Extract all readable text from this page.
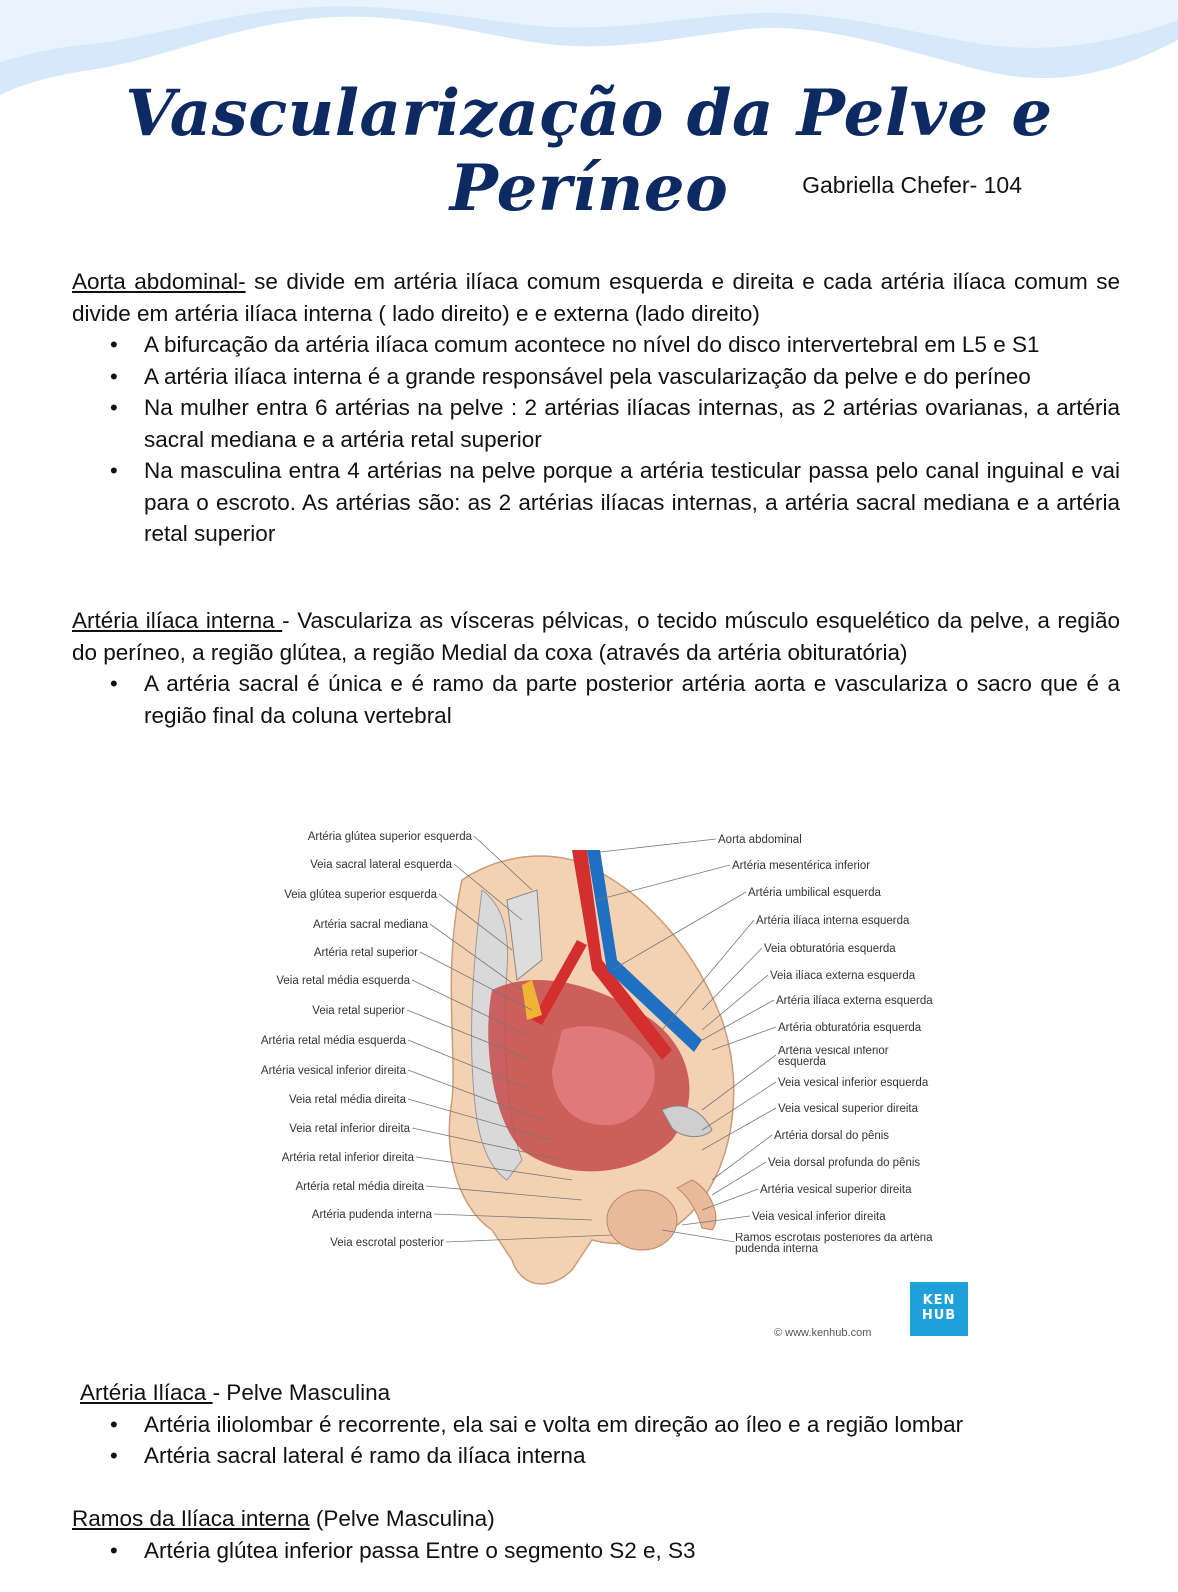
Vascularização da Pelve e Períneo	Gabriella Chefer- 104
Aorta abdominal- se divide em artéria ilíaca comum esquerda e direita e cada artéria ilíaca comum se divide em artéria ilíaca interna ( lado direito) e e externa (lado direito)
• A bifurcação da artéria ilíaca comum acontece no nível do disco intervertebral em L5 e S1
• A artéria ilíaca interna é a grande responsável pela vascularização da pelve e do períneo
• Na mulher entra 6 artérias na pelve : 2 artérias ilíacas internas, as 2 artérias ovarianas, a artéria sacral mediana e a artéria retal superior
• Na masculina entra 4 artérias na pelve porque a artéria testicular passa pelo canal inguinal e vai para o escroto. As artérias são: as 2 artérias ilíacas internas, a artéria sacral mediana e a artéria retal superior
Artéria ilíaca interna - Vasculariza as vísceras pélvicas, o tecido músculo esquelético da pelve, a região do períneo, a região glútea, a região Medial da coxa (através da artéria obituratória)
• A artéria sacral é única e é ramo da parte posterior artéria aorta e vasculariza o sacro que é a região final da coluna vertebral
Artéria glútea superior esquerda
Veia sacral lateral esquerda
Veia glútea superior esquerda
Artéria sacral mediana
Artéria retal superior
Veia retal média esquerda
Veia retal superior
Artéria retal média esquerda
Artéria vesical inferior direita
Veia retal média direita
Veia retal inferior direita
Artéria retal inferior direita
Artéria retal média direita
Artéria pudenda interna
Veia escrotal posterior
Aorta abdominal
Artéria mesentérica inferior
Artéria umbilical esquerda
Artéria ilíaca interna esquerda
Veia obturatória esquerda
Veia ilíaca externa esquerda
Artéria ilíaca externa esquerda
Artéria obturatória esquerda
Artéria vesical inferior esquerda
Veia vesical inferior esquerda
Veia vesical superior direita
Artéria dorsal do pênis
Veia dorsal profunda do pênis
Artéria vesical superior direita
Veia vesical inferior direita
Ramos escrotais posteriores da artéria pudenda interna
KEN HUB
© www.kenhub.com
Artéria Ilíaca - Pelve Masculina
• Artéria iliolombar é recorrente, ela sai e volta em direção ao íleo e a região lombar
• Artéria sacral lateral é ramo da ilíaca interna
Ramos da Ilíaca interna (Pelve Masculina)
• Artéria glútea inferior passa Entre o segmento S2 e, S3
